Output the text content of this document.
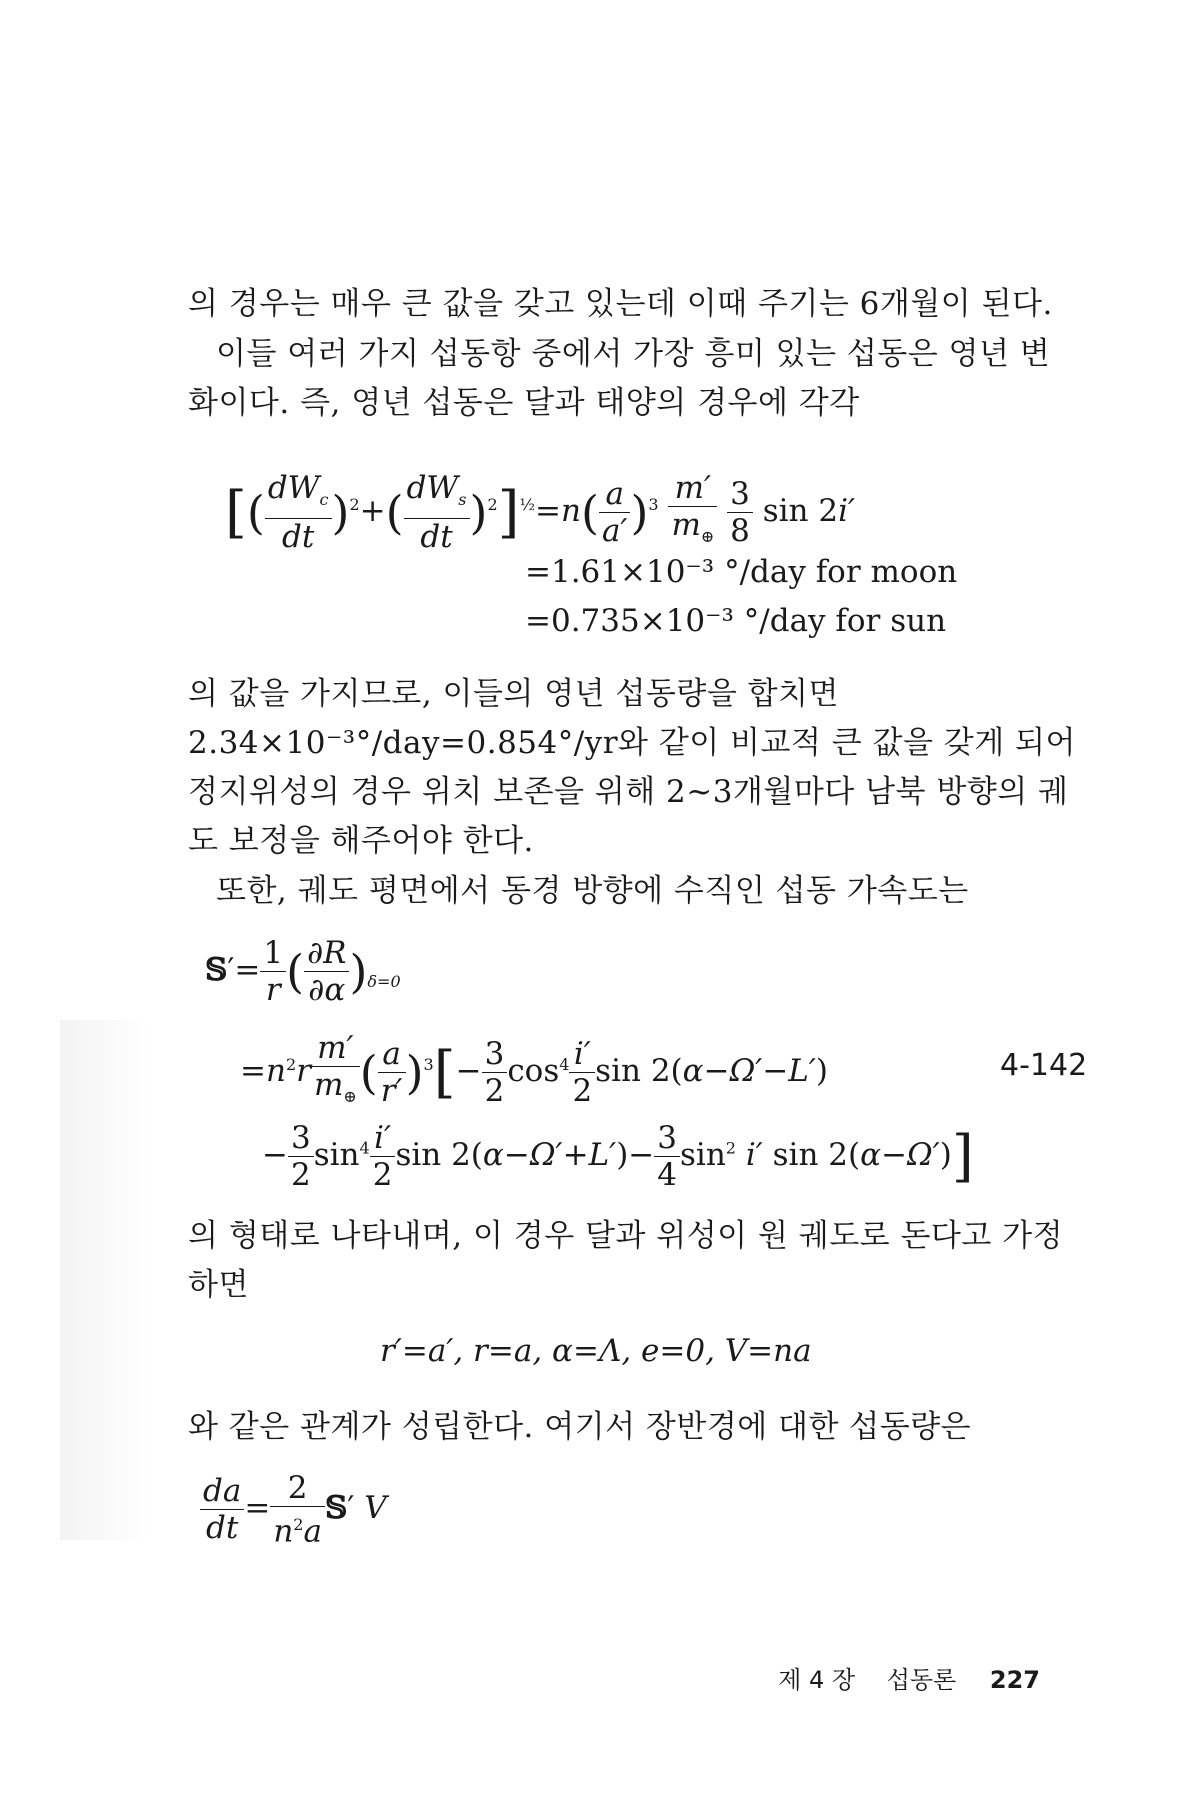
의 경우는 매우 큰 값을 갖고 있는데 이때 주기는 6개월이 된다.

이들 여러 가지 섭동항 중에서 가장 흥미 있는 섭동은 영년 변화이다. 즉, 영년 섭동은 달과 태양의 경우에 각각

[( $\frac{dW_c}{dt} )^2+( \frac{dW_s}{dt} )^2]^{\frac{1}{2}}=n( \frac{a}{a'} )^3 \frac{m'}{m_\oplus}$
$\frac{3}{8}$ sin 2i′
=1.61×10⁻³ °/day for moon
=0.735×10⁻³ °/day for sun

의 값을 가지므로, 이들의 영년 섭동량을 합치면 2.34×10⁻³°/day=0.854°/yr와 같이 비교적 큰 값을 갖게 되어 정지위성의 경우 위치 보존을 위해 2~3개월마다 남북 방향의 궤도 보정을 해주어야 한다.

또한, 궤도 평면에서 동경 방향에 수직인 섭동 가속도는

𝕊′= $\frac{1}{r}$ ( $\frac{\partial R}{\partial\alpha} )_{\delta=0}$
$=n^2r \frac{m'}{m_\oplus}$ ( $\frac{a}{r'} )^3[- \frac{3}{2} \cos^4 \frac{i'}{2}$ sin 2(α−Ω′−L′)	4-142
− $\frac{3}{2} \sin^4 \frac{i'}{2}$ $\sin 2(\alpha-\Omega'+L')- \frac{3}{4} \sin^2 i'$ sin 2(α−Ω′)]

의 형태로 나타내며, 이 경우 달과 위성이 원 궤도로 돈다고 가정하면

r′=a′, r=a, α=Λ, e=0, V=na

와 같은 관계가 성립한다. 여기서 장반경에 대한 섭동량은

$\frac{da}{dt} = \frac{2}{n^2a}$ 𝕊′ V
제 4 장 섭동론 227
